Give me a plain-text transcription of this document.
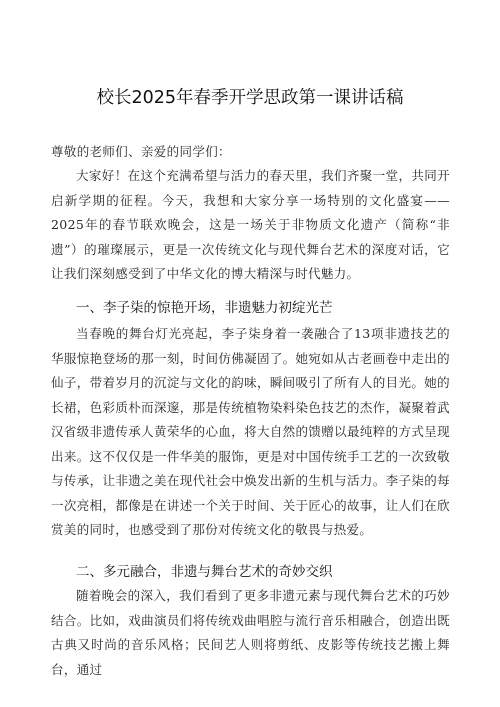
校长2025年春季开学思政第一课讲话稿
尊敬的老师们、亲爱的同学们：
大家好！在这个充满希望与活力的春天里，我们齐聚一堂，共同开启新学期的征程。今天，我想和大家分享一场特别的文化盛宴——2025年的春节联欢晚会，这是一场关于非物质文化遗产（简称“非遗”）的璀璨展示，更是一次传统文化与现代舞台艺术的深度对话，它让我们深刻感受到了中华文化的博大精深与时代魅力。
一、李子柒的惊艳开场，非遗魅力初绽光芒
当春晚的舞台灯光亮起，李子柒身着一袭融合了13项非遗技艺的华服惊艳登场的那一刻，时间仿佛凝固了。她宛如从古老画卷中走出的仙子，带着岁月的沉淀与文化的韵味，瞬间吸引了所有人的目光。她的长裙，色彩质朴而深邃，那是传统植物染料染色技艺的杰作，凝聚着武汉省级非遗传承人黄荣华的心血，将大自然的馈赠以最纯粹的方式呈现出来。这不仅仅是一件华美的服饰，更是对中国传统手工艺的一次致敬与传承，让非遗之美在现代社会中焕发出新的生机与活力。李子柒的每一次亮相，都像是在讲述一个关于时间、关于匠心的故事，让人们在欣赏美的同时，也感受到了那份对传统文化的敬畏与热爱。
二、多元融合，非遗与舞台艺术的奇妙交织
随着晚会的深入，我们看到了更多非遗元素与现代舞台艺术的巧妙结合。比如，戏曲演员们将传统戏曲唱腔与流行音乐相融合，创造出既古典又时尚的音乐风格；民间艺人则将剪纸、皮影等传统技艺搬上舞台，通过
